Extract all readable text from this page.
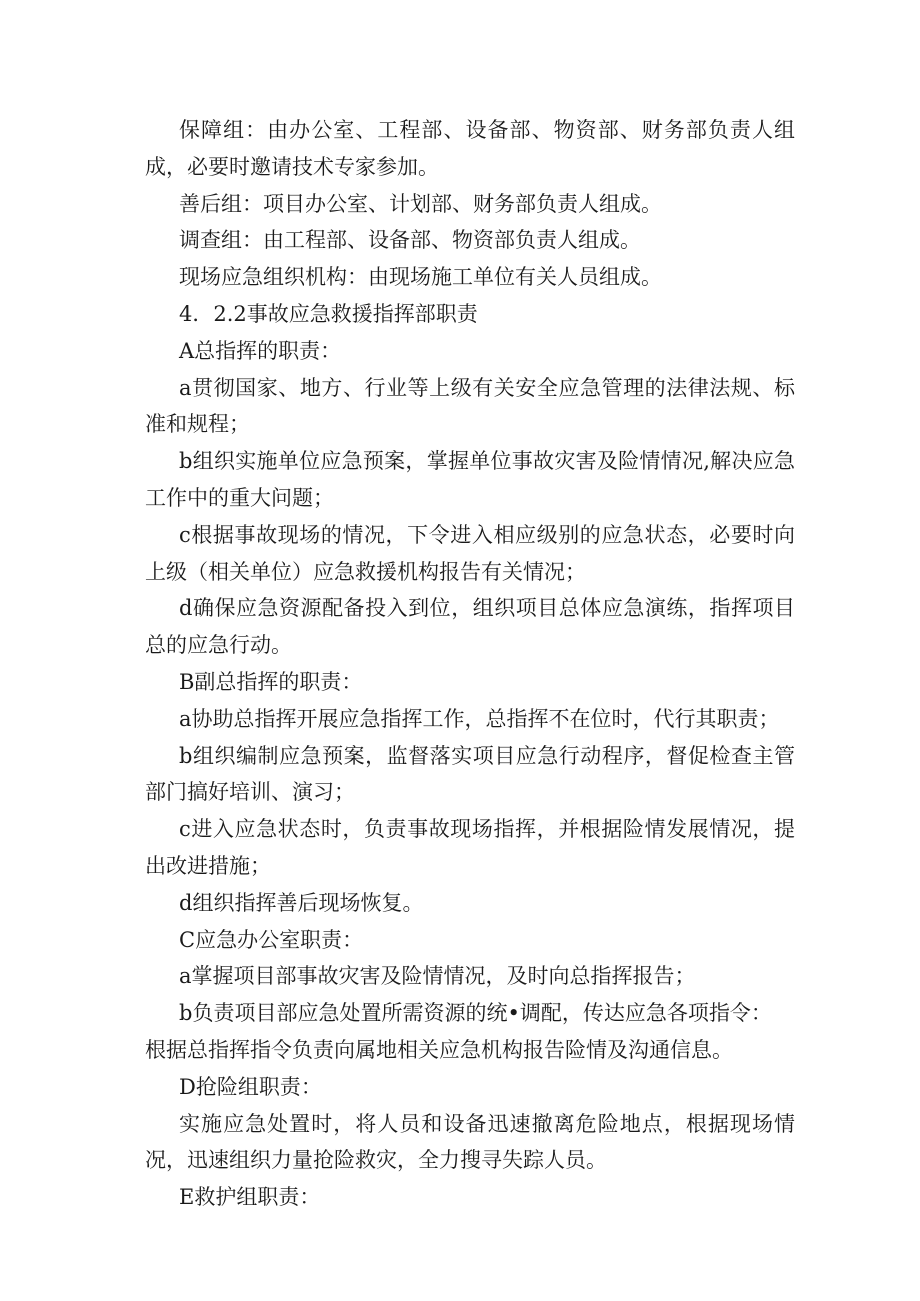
保障组：由办公室、工程部、设备部、物资部、财务部负责人组成，必要时邀请技术专家参加。

善后组：项目办公室、计划部、财务部负责人组成。

调查组：由工程部、设备部、物资部负责人组成。

现场应急组织机构：由现场施工单位有关人员组成。

4．2.2事故应急救援指挥部职责

A总指挥的职责：

a贯彻国家、地方、行业等上级有关安全应急管理的法律法规、标准和规程；

b组织实施单位应急预案，掌握单位事故灾害及险情情况,解决应急工作中的重大问题；

c根据事故现场的情况，下令进入相应级别的应急状态，必要时向上级（相关单位）应急救援机构报告有关情况；

d确保应急资源配备投入到位，组织项目总体应急演练，指挥项目总的应急行动。

B副总指挥的职责：

a协助总指挥开展应急指挥工作，总指挥不在位时，代行其职责；

b组织编制应急预案，监督落实项目应急行动程序，督促检查主管部门搞好培训、演习；

c进入应急状态时，负责事故现场指挥，并根据险情发展情况，提出改进措施；

d组织指挥善后现场恢复。

C应急办公室职责：

a掌握项目部事故灾害及险情情况，及时向总指挥报告；

b负责项目部应急处置所需资源的统•调配，传达应急各项指令：

根据总指挥指令负责向属地相关应急机构报告险情及沟通信息。

D抢险组职责：

实施应急处置时，将人员和设备迅速撤离危险地点，根据现场情况，迅速组织力量抢险救灾，全力搜寻失踪人员。

E救护组职责：
